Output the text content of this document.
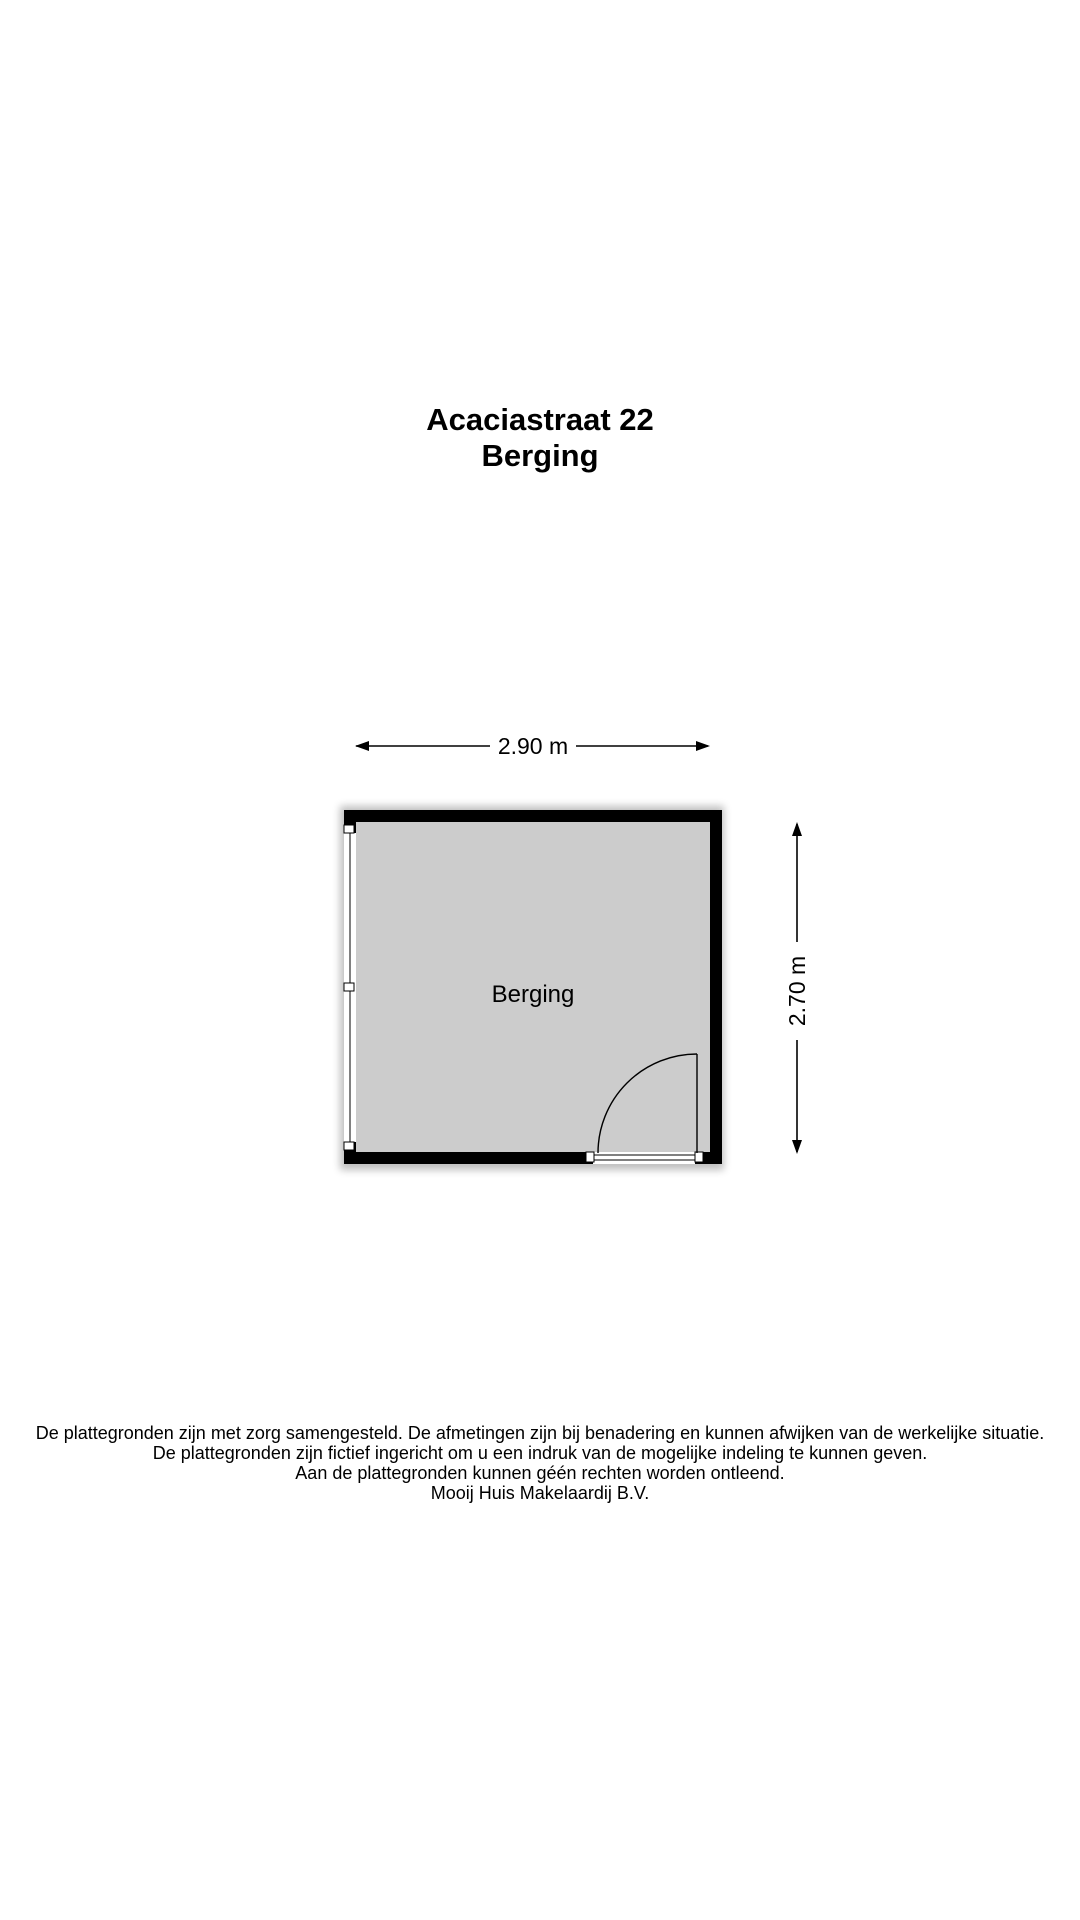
Acaciastraat 22
Berging
2.90 m
2.70 m
Berging
De plattegronden zijn met zorg samengesteld. De afmetingen zijn bij benadering en kunnen afwijken van de werkelijke situatie.
De plattegronden zijn fictief ingericht om u een indruk van de mogelijke indeling te kunnen geven.
Aan de plattegronden kunnen géén rechten worden ontleend.
Mooij Huis Makelaardij B.V.
